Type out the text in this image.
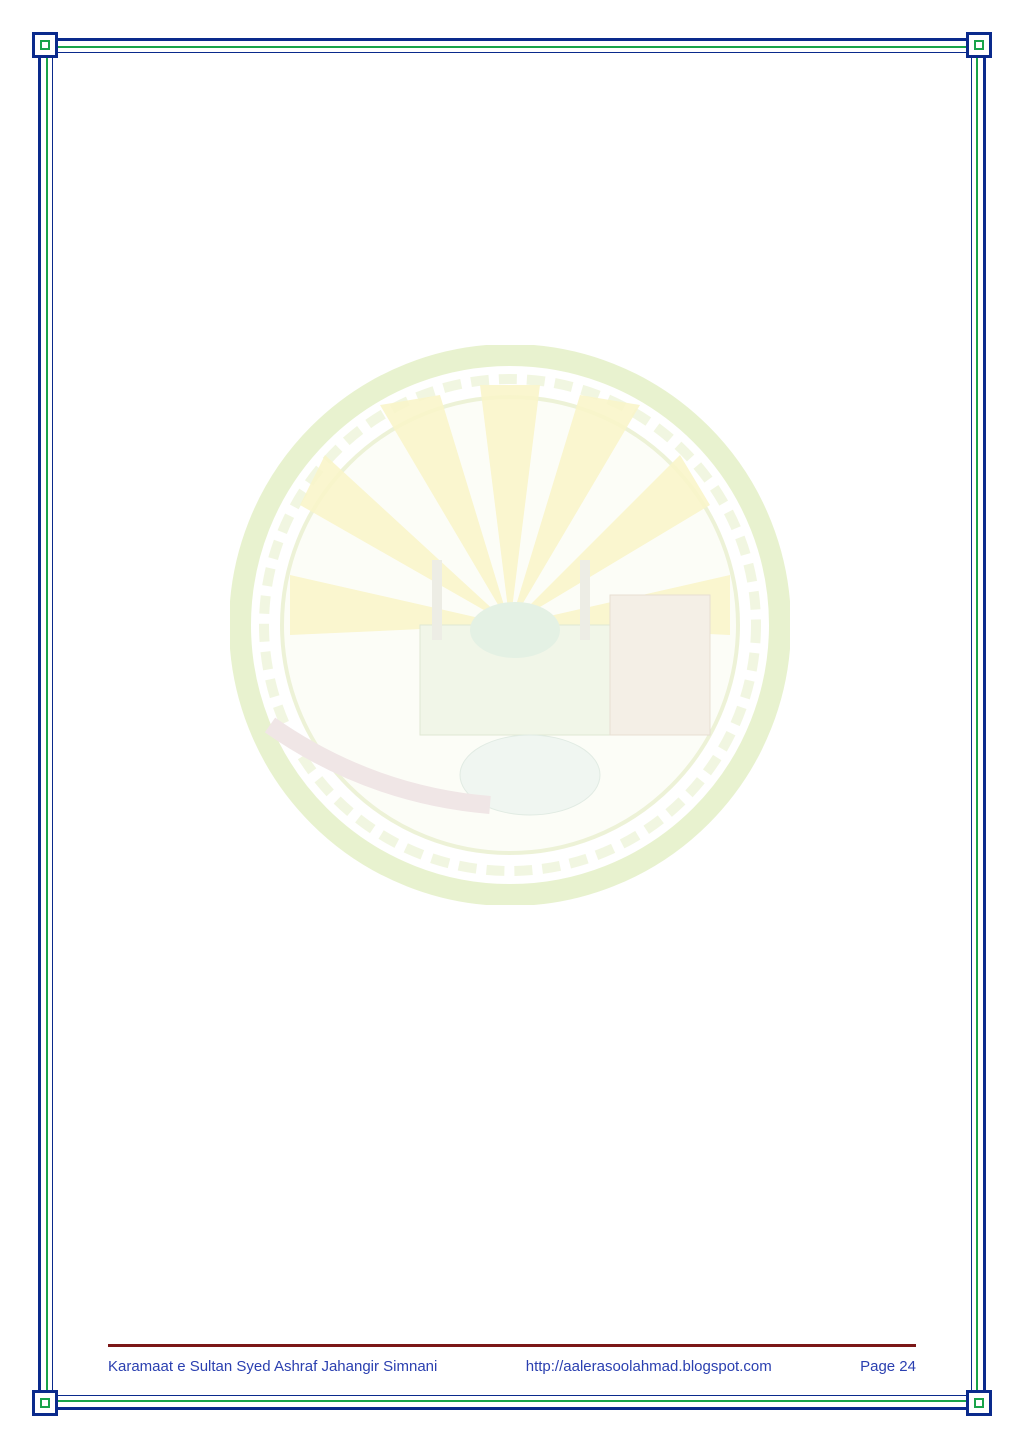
Karamaat e Sultan Syed Ashraf Jahangir Simnani	http://aalerasoolahmad.blogspot.com	Page 24
